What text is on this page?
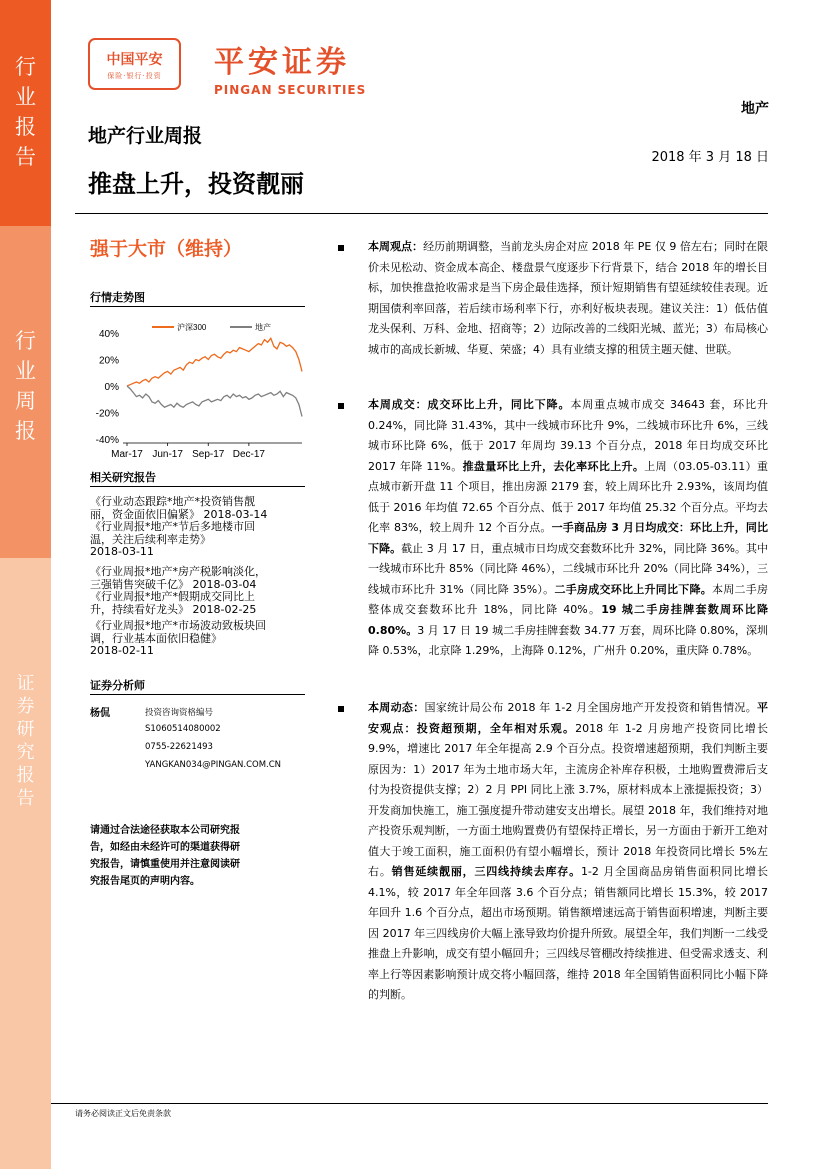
行
业
报
告
行
业
周
报
证
券
研
究
报
告
中国平安
保险·银行·投资	平安证券
PINGAN SECURITIES
地产
地产行业周报
2018 年 3 月 18 日
推盘上升，投资靓丽
强于大市（维持）
行情走势图
40%
20%
0%
-20%
-40%
Mar-17 Jun-17 Sep-17 Dec-17
沪深300	地产
相关研究报告
《行业动态跟踪*地产*投资销售靓
丽，资金面依旧偏紧》 2018-03-14
《行业周报*地产*节后多地楼市回
温，关注后续利率走势》
2018-03-11
《行业周报*地产*房产税影响淡化，
三强销售突破千亿》 2018-03-04
《行业周报*地产*假期成交同比上
升，持续看好龙头》 2018-02-25
《行业周报*地产*市场波动致板块回
调，行业基本面依旧稳健》
2018-02-11
证券分析师
杨侃	投资咨询资格编号
S1060514080002
0755-22621493
YANGKAN034@PINGAN.COM.CN
请通过合法途径获取本公司研究报
告，如经由未经许可的渠道获得研
究报告，请慎重使用并注意阅读研
究报告尾页的声明内容。
本周观点：经历前期调整，当前龙头房企对应 2018 年 PE 仅 9 倍左右；同时在限价未见松动、资金成本高企、楼盘景气度逐步下行背景下，结合 2018 年的增长目标，加快推盘抢收需求是当下房企最佳选择，预计短期销售有望延续较佳表现。近期国债利率回落，若后续市场利率下行，亦利好板块表现。建议关注：1）低估值龙头保利、万科、金地、招商等；2）边际改善的二线阳光城、蓝光；3）布局核心城市的高成长新城、华夏、荣盛；4）具有业绩支撑的租赁主题天健、世联。
本周成交：成交环比上升，同比下降。本周重点城市成交 34643 套，环比升 0.24%，同比降 31.43%，其中一线城市环比升 9%，二线城市环比升 6%，三线城市环比降 6%，低于 2017 年周均 39.13 个百分点，2018 年日均成交环比 2017 年降 11%。推盘量环比上升，去化率环比上升。上周（03.05-03.11）重点城市新开盘 11 个项目，推出房源 2179 套，较上周环比升 2.93%，该周均值低于 2016 年均值 72.65 个百分点、低于 2017 年均值 25.32 个百分点。平均去化率 83%，较上周升 12 个百分点。一手商品房 3 月日均成交：环比上升，同比下降。截止 3 月 17 日，重点城市日均成交套数环比升 32%，同比降 36%。其中一线城市环比升 85%（同比降 46%），二线城市环比升 20%（同比降 34%），三线城市环比升 31%（同比降 35%）。二手房成交环比上升同比下降。本周二手房整体成交套数环比升 18%，同比降 40%。19 城二手房挂牌套数周环比降 0.80%。3 月 17 日 19 城二手房挂牌套数 34.77 万套，周环比降 0.80%，深圳降 0.53%，北京降 1.29%，上海降 0.12%，广州升 0.20%，重庆降 0.78%。
本周动态：国家统计局公布 2018 年 1-2 月全国房地产开发投资和销售情况。平安观点：投资超预期，全年相对乐观。2018 年 1-2 月房地产投资同比增长 9.9%，增速比 2017 年全年提高 2.9 个百分点。投资增速超预期，我们判断主要原因为：1）2017 年为土地市场大年，主流房企补库存积极，土地购置费滞后支付为投资提供支撑；2）2 月 PPI 同比上涨 3.7%，原材料成本上涨提振投资；3）开发商加快施工，施工强度提升带动建安支出增长。展望 2018 年，我们维持对地产投资乐观判断，一方面土地购置费仍有望保持正增长，另一方面由于新开工绝对值大于竣工面积，施工面积仍有望小幅增长，预计 2018 年投资同比增长 5%左右。销售延续靓丽，三四线持续去库存。1-2 月全国商品房销售面积同比增长 4.1%，较 2017 年全年回落 3.6 个百分点；销售额同比增长 15.3%，较 2017 年回升 1.6 个百分点，超出市场预期。销售额增速远高于销售面积增速，判断主要因 2017 年三四线房价大幅上涨导致均价提升所致。展望全年，我们判断一二线受推盘上升影响，成交有望小幅回升；三四线尽管棚改持续推进、但受需求透支、利率上行等因素影响预计成交将小幅回落，维持 2018 年全国销售面积同比小幅下降的判断。
请务必阅读正文后免责条款
